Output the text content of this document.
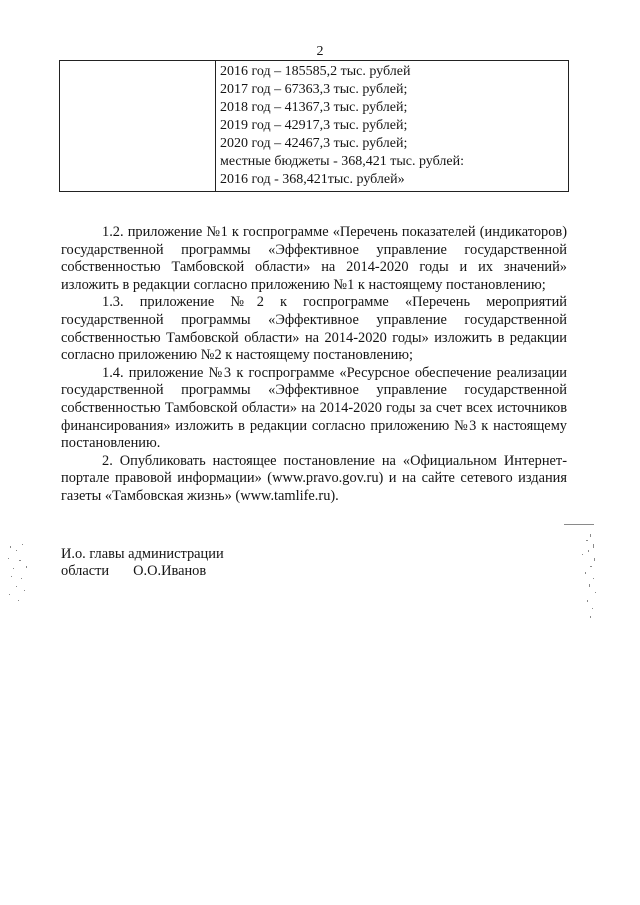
2

2016 год – 185585,2 тыс. рублей
2017 год – 67363,3 тыс. рублей;
2018 год – 41367,3 тыс. рублей;
2019 год – 42917,3 тыс. рублей;
2020 год – 42467,3 тыс. рублей;
местные бюджеты - 368,421 тыс. рублей:
2016 год - 368,421тыс. рублей»
1.2. приложение №1 к госпрограмме «Перечень показателей (индикаторов) государственной программы «Эффективное управление государственной собственностью Тамбовской области» на 2014-2020 годы и их значений» изложить в редакции согласно приложению №1 к настоящему постановлению;
1.3. приложение №2 к госпрограмме «Перечень мероприятий государственной программы «Эффективное управление государственной собственностью Тамбовской области» на 2014-2020 годы» изложить в редакции согласно приложению №2 к настоящему постановлению;
1.4. приложение №3 к госпрограмме «Ресурсное обеспечение реализации государственной программы «Эффективное управление государственной собственностью Тамбовской области» на 2014-2020 годы за счет всех источников финансирования» изложить в редакции согласно приложению №3 к настоящему постановлению.
2. Опубликовать настоящее постановление на «Официальном Интернет-портале правовой информации» (www.pravo.gov.ru) и на сайте сетевого издания газеты «Тамбовская жизнь» (www.tamlife.ru).
И.о. главы администрации
области О.О.Иванов
